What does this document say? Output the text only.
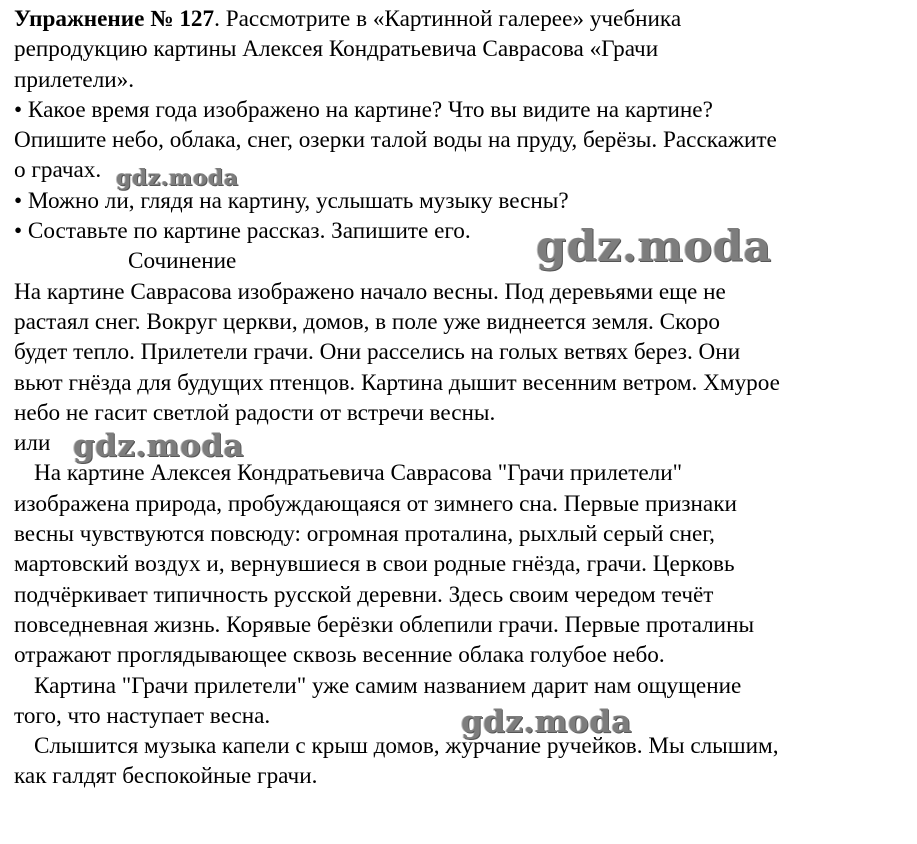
Упражнение № 127. Рассмотрите в «Картинной галерее» учебника
репродукцию картины Алексея Кондратьевича Саврасова «Грачи
прилетели».
• Какое время года изображено на картине? Что вы видите на картине?
Опишите небо, облака, снег, озерки талой воды на пруду, берёзы. Расскажите
о грачах.
• Можно ли, глядя на картину, услышать музыку весны?
• Составьте по картине рассказ. Запишите его.
Сочинение
На картине Саврасова изображено начало весны. Под деревьями еще не
растаял снег. Вокруг церкви, домов, в поле уже виднеется земля. Скоро
будет тепло. Прилетели грачи. Они расселись на голых ветвях берез. Они
вьют гнёзда для будущих птенцов. Картина дышит весенним ветром. Хмурое
небо не гасит светлой радости от встречи весны.
или
На картине Алексея Кондратьевича Саврасова "Грачи прилетели"
изображена природа, пробуждающаяся от зимнего сна. Первые признаки
весны чувствуются повсюду: огромная проталина, рыхлый серый снег,
мартовский воздух и, вернувшиеся в свои родные гнёзда, грачи. Церковь
подчёркивает типичность русской деревни. Здесь своим чередом течёт
повседневная жизнь. Корявые берёзки облепили грачи. Первые проталины
отражают проглядывающее сквозь весенние облака голубое небо.
Картина "Грачи прилетели" уже самим названием дарит нам ощущение
того, что наступает весна.
Слышится музыка капели с крыш домов, журчание ручейков. Мы слышим,
как галдят беспокойные грачи.
gdz.moda
gdz.moda
gdz.moda
gdz.moda
